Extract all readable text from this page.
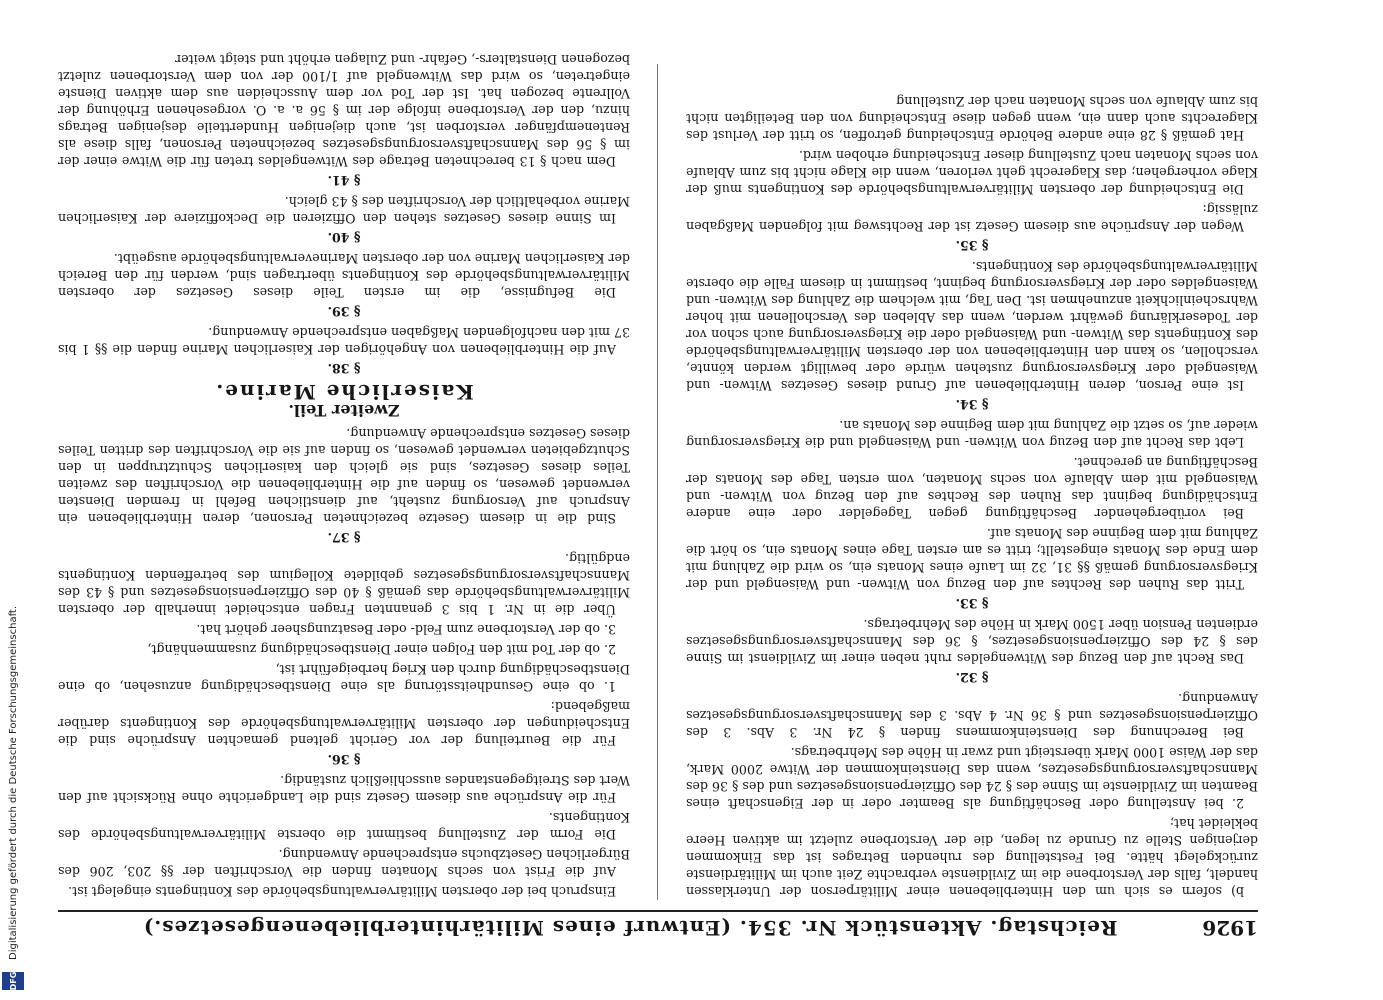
1926
Reichstag. Aktenstück Nr. 354. (Entwurf eines Militärhinterbliebenengesetzes.)

b) sofern es sich um den Hinterbliebenen einer Militärperson der Unterklassen handelt, falls der Verstorbene die im Zivildienste verbrachte Zeit auch im Militärdienste zurückgelegt hätte. Bei Feststellung des ruhenden Betrages ist das Einkommen derjenigen Stelle zu Grunde zu legen, die der Verstorbene zuletzt im aktiven Heere bekleidet hat;

2. bei Anstellung oder Beschäftigung als Beamter oder in der Eigenschaft eines Beamten im Zivildienste im Sinne des § 24 des Offizierpensionsgesetzes und des § 36 des Mannschaftsversorgungsgesetzes, wenn das Diensteinkommen der Witwe 2000 Mark, das der Waise 1000 Mark übersteigt und zwar in Höhe des Mehrbetrags.

Bei Berechnung des Diensteinkommens finden § 24 Nr. 3 Abs. 3 des Offizierpensionsgesetzes und § 36 Nr. 4 Abs. 3 des Mannschaftsversorgungsgesetzes Anwendung.

§ 32.

Das Recht auf den Bezug des Witwengeldes ruht neben einer im Zivildienst im Sinne des § 24 des Offizierpensionsgesetzes, § 36 des Mannschaftsversorgungsgesetzes erdienten Pension über 1500 Mark in Höhe des Mehrbetrags.

§ 33.

Tritt das Ruhen des Rechtes auf den Bezug von Witwen- und Waisengeld und der Kriegsversorgung gemäß §§ 31, 32 im Laufe eines Monats ein, so wird die Zahlung mit dem Ende des Monats eingestellt; tritt es am ersten Tage eines Monats ein, so hört die Zahlung mit dem Beginne des Monats auf.

Bei vorübergehender Beschäftigung gegen Tagegelder oder eine andere Entschädigung beginnt das Ruhen des Rechtes auf den Bezug von Witwen- und Waisengeld mit dem Ablaufe von sechs Monaten, vom ersten Tage des Monats der Beschäftigung an gerechnet.

Lebt das Recht auf den Bezug von Witwen- und Waisengeld und die Kriegsversorgung wieder auf, so setzt die Zahlung mit dem Beginne des Monats an.

§ 34.

Ist eine Person, deren Hinterbliebenen auf Grund dieses Gesetzes Witwen- und Waisengeld oder Kriegsversorgung zustehen würde oder bewilligt werden könnte, verschollen, so kann den Hinterbliebenen von der obersten Militärverwaltungsbehörde des Kontingents das Witwen- und Waisengeld oder die Kriegsversorgung auch schon vor der Todeserklärung gewährt werden, wenn das Ableben des Verschollenen mit hoher Wahrscheinlichkeit anzunehmen ist. Den Tag, mit welchem die Zahlung des Witwen- und Waisengeldes oder der Kriegsversorgung beginnt, bestimmt in diesem Falle die oberste Militärverwaltungsbehörde des Kontingents.

§ 35.

Wegen der Ansprüche aus diesem Gesetz ist der Rechtsweg mit folgenden Maßgaben zulässig:

Die Entscheidung der obersten Militärverwaltungsbehörde des Kontingents muß der Klage vorhergehen; das Klagerecht geht verloren, wenn die Klage nicht bis zum Ablaufe von sechs Monaten nach Zustellung dieser Entscheidung erhoben wird.

Hat gemäß § 28 eine andere Behörde Entscheidung getroffen, so tritt der Verlust des Klagerechts auch dann ein, wenn gegen diese Entscheidung von den Beteiligten nicht bis zum Ablaufe von sechs Monaten nach der Zustellung

Einspruch bei der obersten Militärverwaltungsbehörde des Kontingents eingelegt ist.

Auf die Frist von sechs Monaten finden die Vorschriften der §§ 203, 206 des Bürgerlichen Gesetzbuchs entsprechende Anwendung.

Die Form der Zustellung bestimmt die oberste Militärverwaltungsbehörde des Kontingents.

Für die Ansprüche aus diesem Gesetz sind die Landgerichte ohne Rücksicht auf den Wert des Streitgegenstandes ausschließlich zuständig.

§ 36.

Für die Beurteilung der vor Gericht geltend gemachten Ansprüche sind die Entscheidungen der obersten Militärverwaltungsbehörde des Kontingents darüber maßgebend:

1. ob eine Gesundheitsstörung als eine Dienstbeschädigung anzusehen, ob eine Dienstbeschädigung durch den Krieg herbeigeführt ist,

2. ob der Tod mit den Folgen einer Dienstbeschädigung zusammenhängt,

3. ob der Verstorbene zum Feld- oder Besatzungsheer gehört hat.

Über die in Nr. 1 bis 3 genannten Fragen entscheidet innerhalb der obersten Militärverwaltungsbehörde das gemäß § 40 des Offizierpensionsgesetzes und § 43 des Mannschaftsversorgungsgesetzes gebildete Kollegium des betreffenden Kontingents endgültig.

§ 37.

Sind die in diesem Gesetze bezeichneten Personen, deren Hinterbliebenen ein Anspruch auf Versorgung zusteht, auf dienstlichen Befehl in fremden Diensten verwendet gewesen, so finden auf die Hinterbliebenen die Vorschriften des zweiten Teiles dieses Gesetzes, sind sie gleich den kaiserlichen Schutztruppen in den Schutzgebieten verwendet gewesen, so finden auf sie die Vorschriften des dritten Teiles dieses Gesetzes entsprechende Anwendung.

Zweiter Teil.
Kaiserliche Marine.
§ 38.

Auf die Hinterbliebenen von Angehörigen der Kaiserlichen Marine finden die §§ 1 bis 37 mit den nachfolgenden Maßgaben entsprechende Anwendung.

§ 39.

Die Befugnisse, die im ersten Teile dieses Gesetzes der obersten Militärverwaltungsbehörde des Kontingents übertragen sind, werden für den Bereich der Kaiserlichen Marine von der obersten Marineverwaltungsbehörde ausgeübt.

§ 40.

Im Sinne dieses Gesetzes stehen den Offizieren die Deckoffiziere der Kaiserlichen Marine vorbehaltlich der Vorschriften des § 43 gleich.

§ 41.

Dem nach § 13 berechneten Betrage des Witwengeldes treten für die Witwe einer der im § 56 des Mannschaftsversorgungsgesetzes bezeichneten Personen, falls diese als Rentenempfänger verstorben ist, auch diejenigen Hundertteile desjenigen Betrags hinzu, den der Verstorbene infolge der im § 56 a. a. O. vorgesehenen Erhöhung der Vollrente bezogen hat. Ist der Tod vor dem Ausscheiden aus dem aktiven Dienste eingetreten, so wird das Witwengeld auf 1/100 der von dem Verstorbenen zuletzt bezogenen Dienstalters-, Gefahr- und Zulagen erhöht und steigt weiter

Digitalisierung gefördert durch die Deutsche Forschungsgemeinschaft.
DFG
